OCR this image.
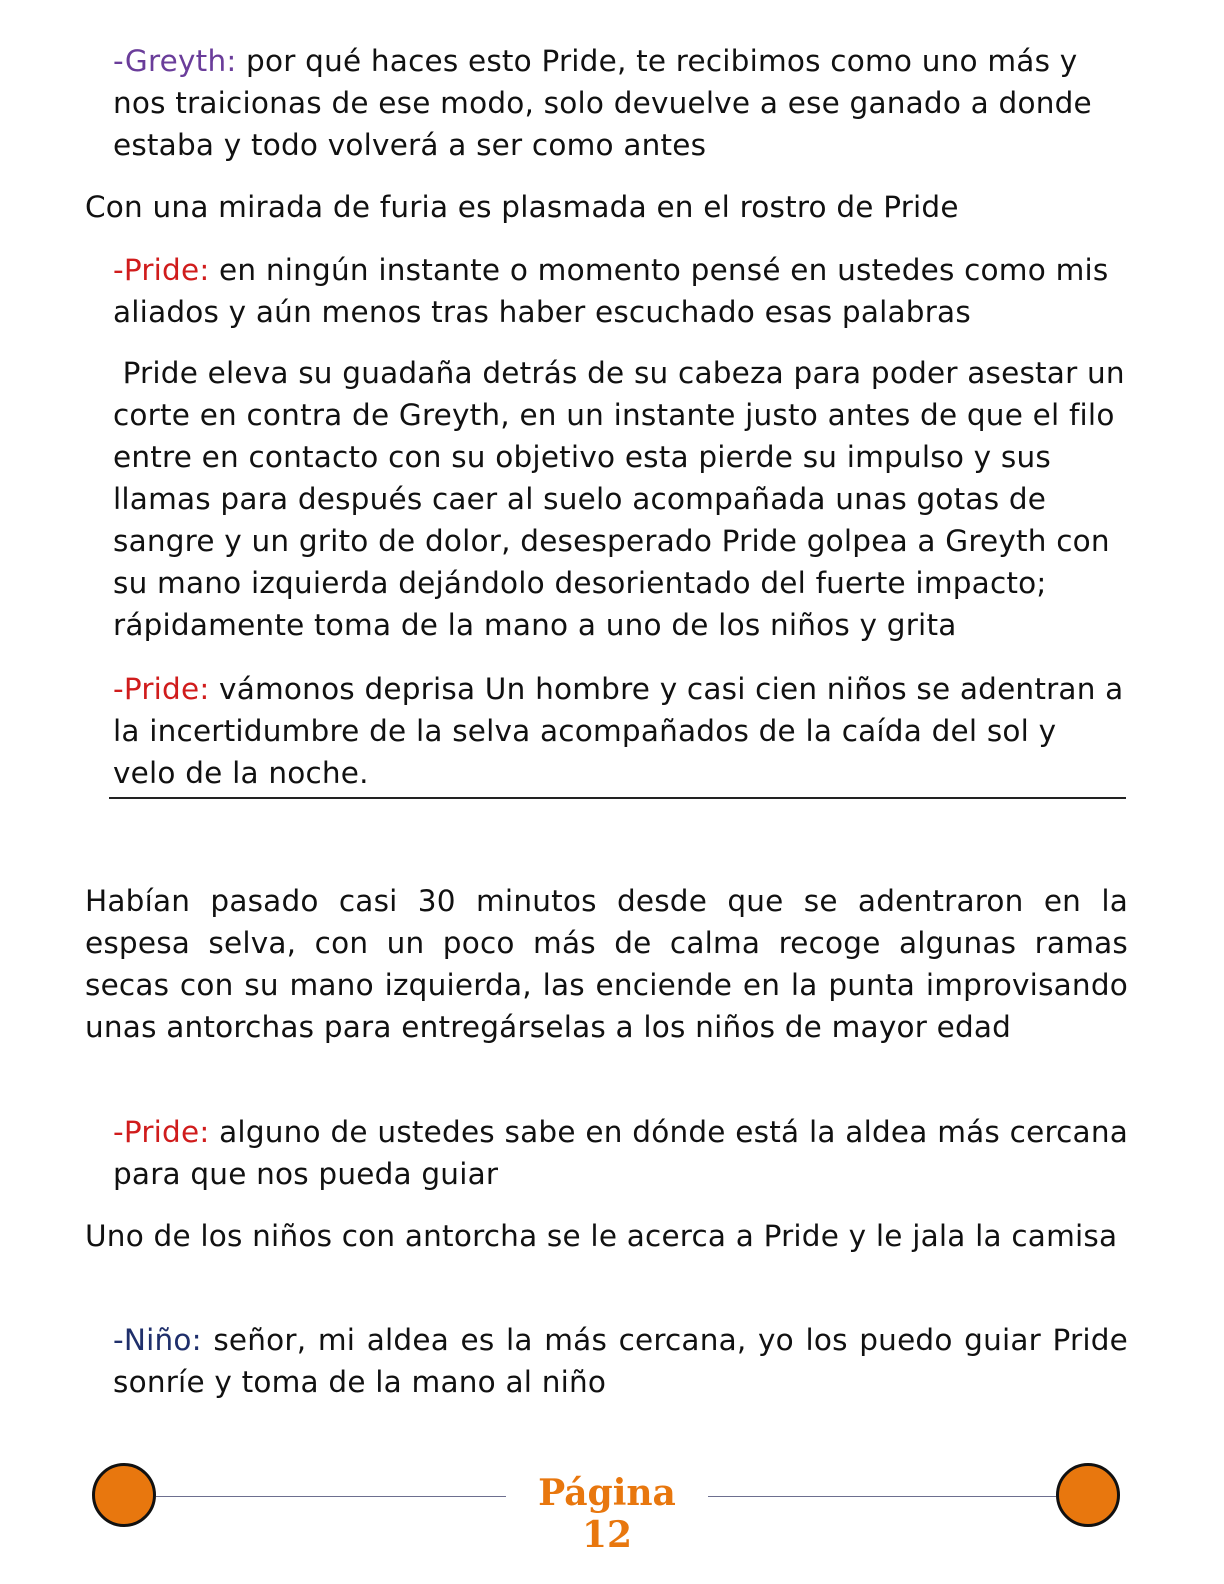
-Greyth: por qué haces esto Pride, te recibimos como uno más y nos traicionas de ese modo, solo devuelve a ese ganado a donde estaba y todo volverá a ser como antes

Con una mirada de furia es plasmada en el rostro de Pride

-Pride: en ningún instante o momento pensé en ustedes como mis aliados y aún menos tras haber escuchado esas palabras

Pride eleva su guadaña detrás de su cabeza para poder asestar un corte en contra de Greyth, en un instante justo antes de que el filo entre en contacto con su objetivo esta pierde su impulso y sus llamas para después caer al suelo acompañada unas gotas de sangre y un grito de dolor, desesperado Pride golpea a Greyth con su mano izquierda dejándolo desorientado del fuerte impacto; rápidamente toma de la mano a uno de los niños y grita

-Pride: vámonos deprisa Un hombre y casi cien niños se adentran a la incertidumbre de la selva acompañados de la caída del sol y velo de la noche.

Habían pasado casi 30 minutos desde que se adentraron en la espesa selva, con un poco más de calma recoge algunas ramas secas con su mano izquierda, las enciende en la punta improvisando unas antorchas para entregárselas a los niños de mayor edad

-Pride: alguno de ustedes sabe en dónde está la aldea más cercana para que nos pueda guiar

Uno de los niños con antorcha se le acerca a Pride y le jala la camisa

-Niño: señor, mi aldea es la más cercana, yo los puedo guiar Pride sonríe y toma de la mano al niño

Página
12
